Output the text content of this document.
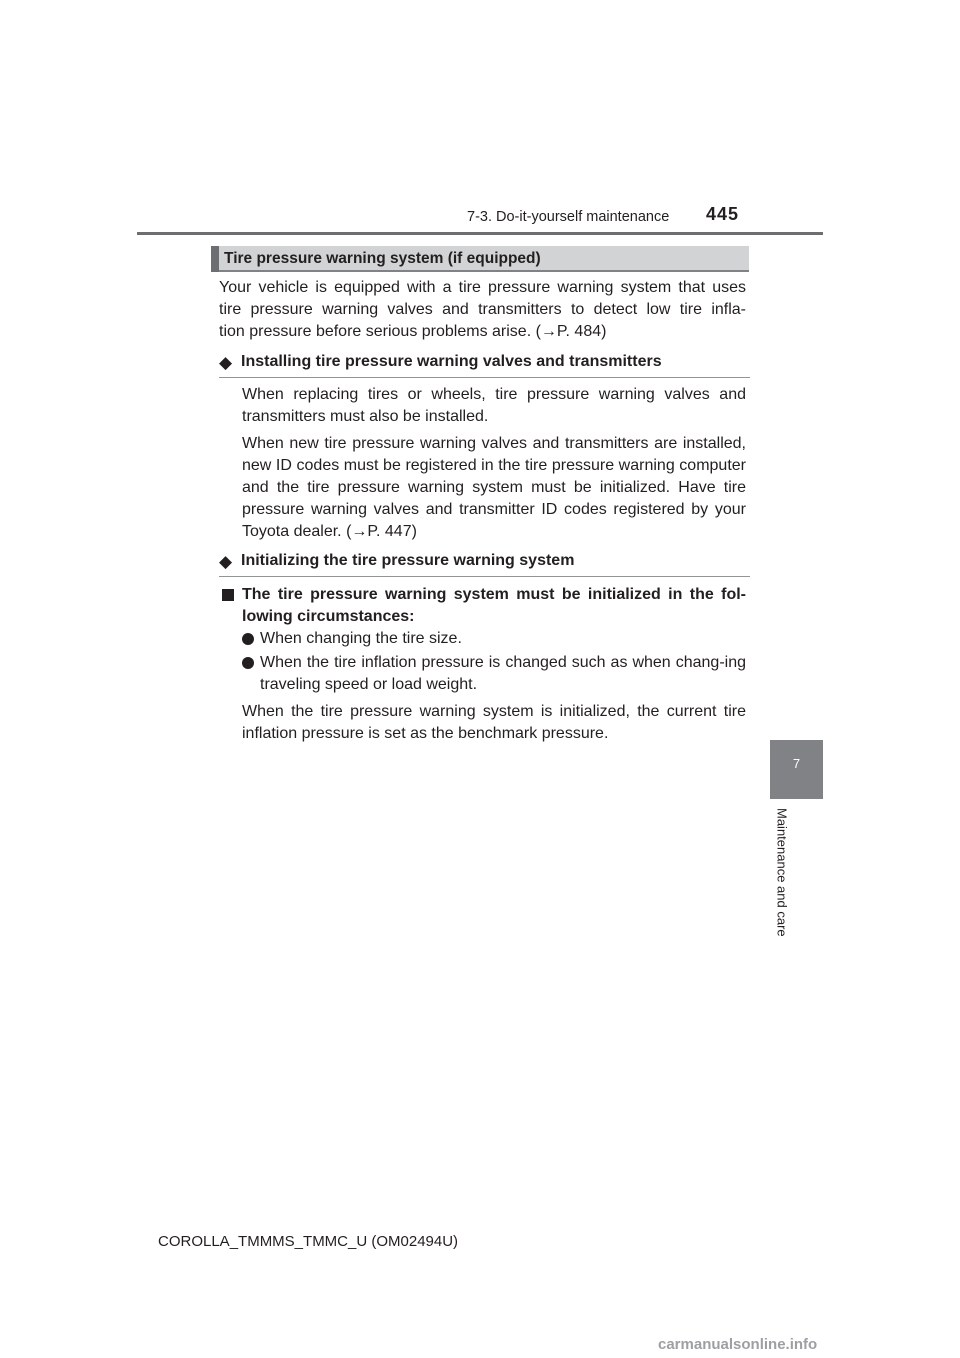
7-3. Do-it-yourself maintenance 445
7
Maintenance and care
Tire pressure warning system (if equipped)
Your vehicle is equipped with a tire pressure warning system that uses
tire pressure warning valves and transmitters to detect low tire infla-
tion pressure before serious problems arise. (→P. 484)
◆ Installing tire pressure warning valves and transmitters
When replacing tires or wheels, tire pressure warning valves and transmitters must also be installed.
When new tire pressure warning valves and transmitters are installed, new ID codes must be registered in the tire pressure warning computer and the tire pressure warning system must be initialized. Have tire pressure warning valves and transmitter ID codes registered by your Toyota dealer. (→P. 447)
◆ Initializing the tire pressure warning system
The tire pressure warning system must be initialized in the fol-lowing circumstances:
When changing the tire size.
When the tire inflation pressure is changed such as when chang-ing traveling speed or load weight.
When the tire pressure warning system is initialized, the current tire inflation pressure is set as the benchmark pressure.
COROLLA_TMMMS_TMMC_U (OM02494U)
carmanualsonline.info
